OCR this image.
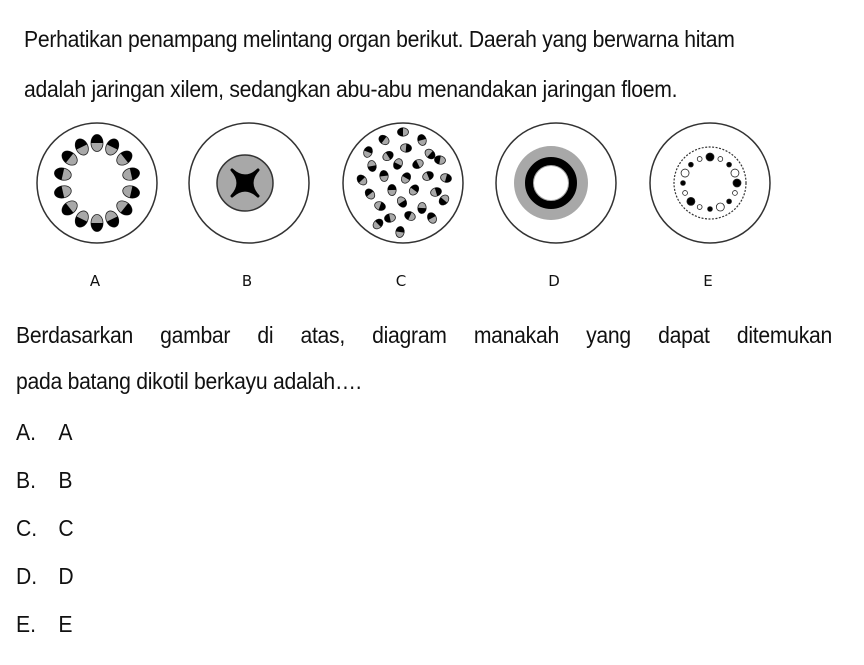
Perhatikan penampang melintang organ berikut. Daerah yang berwarna hitam
adalah jaringan xilem, sedangkan abu-abu menandakan jaringan floem.
A	B	C	D	E
Berdasarkan gambar di atas, diagram manakah yang dapat ditemukan
pada batang dikotil berkayu adalah….
A. A
B. B
C. C
D. D
E. E
